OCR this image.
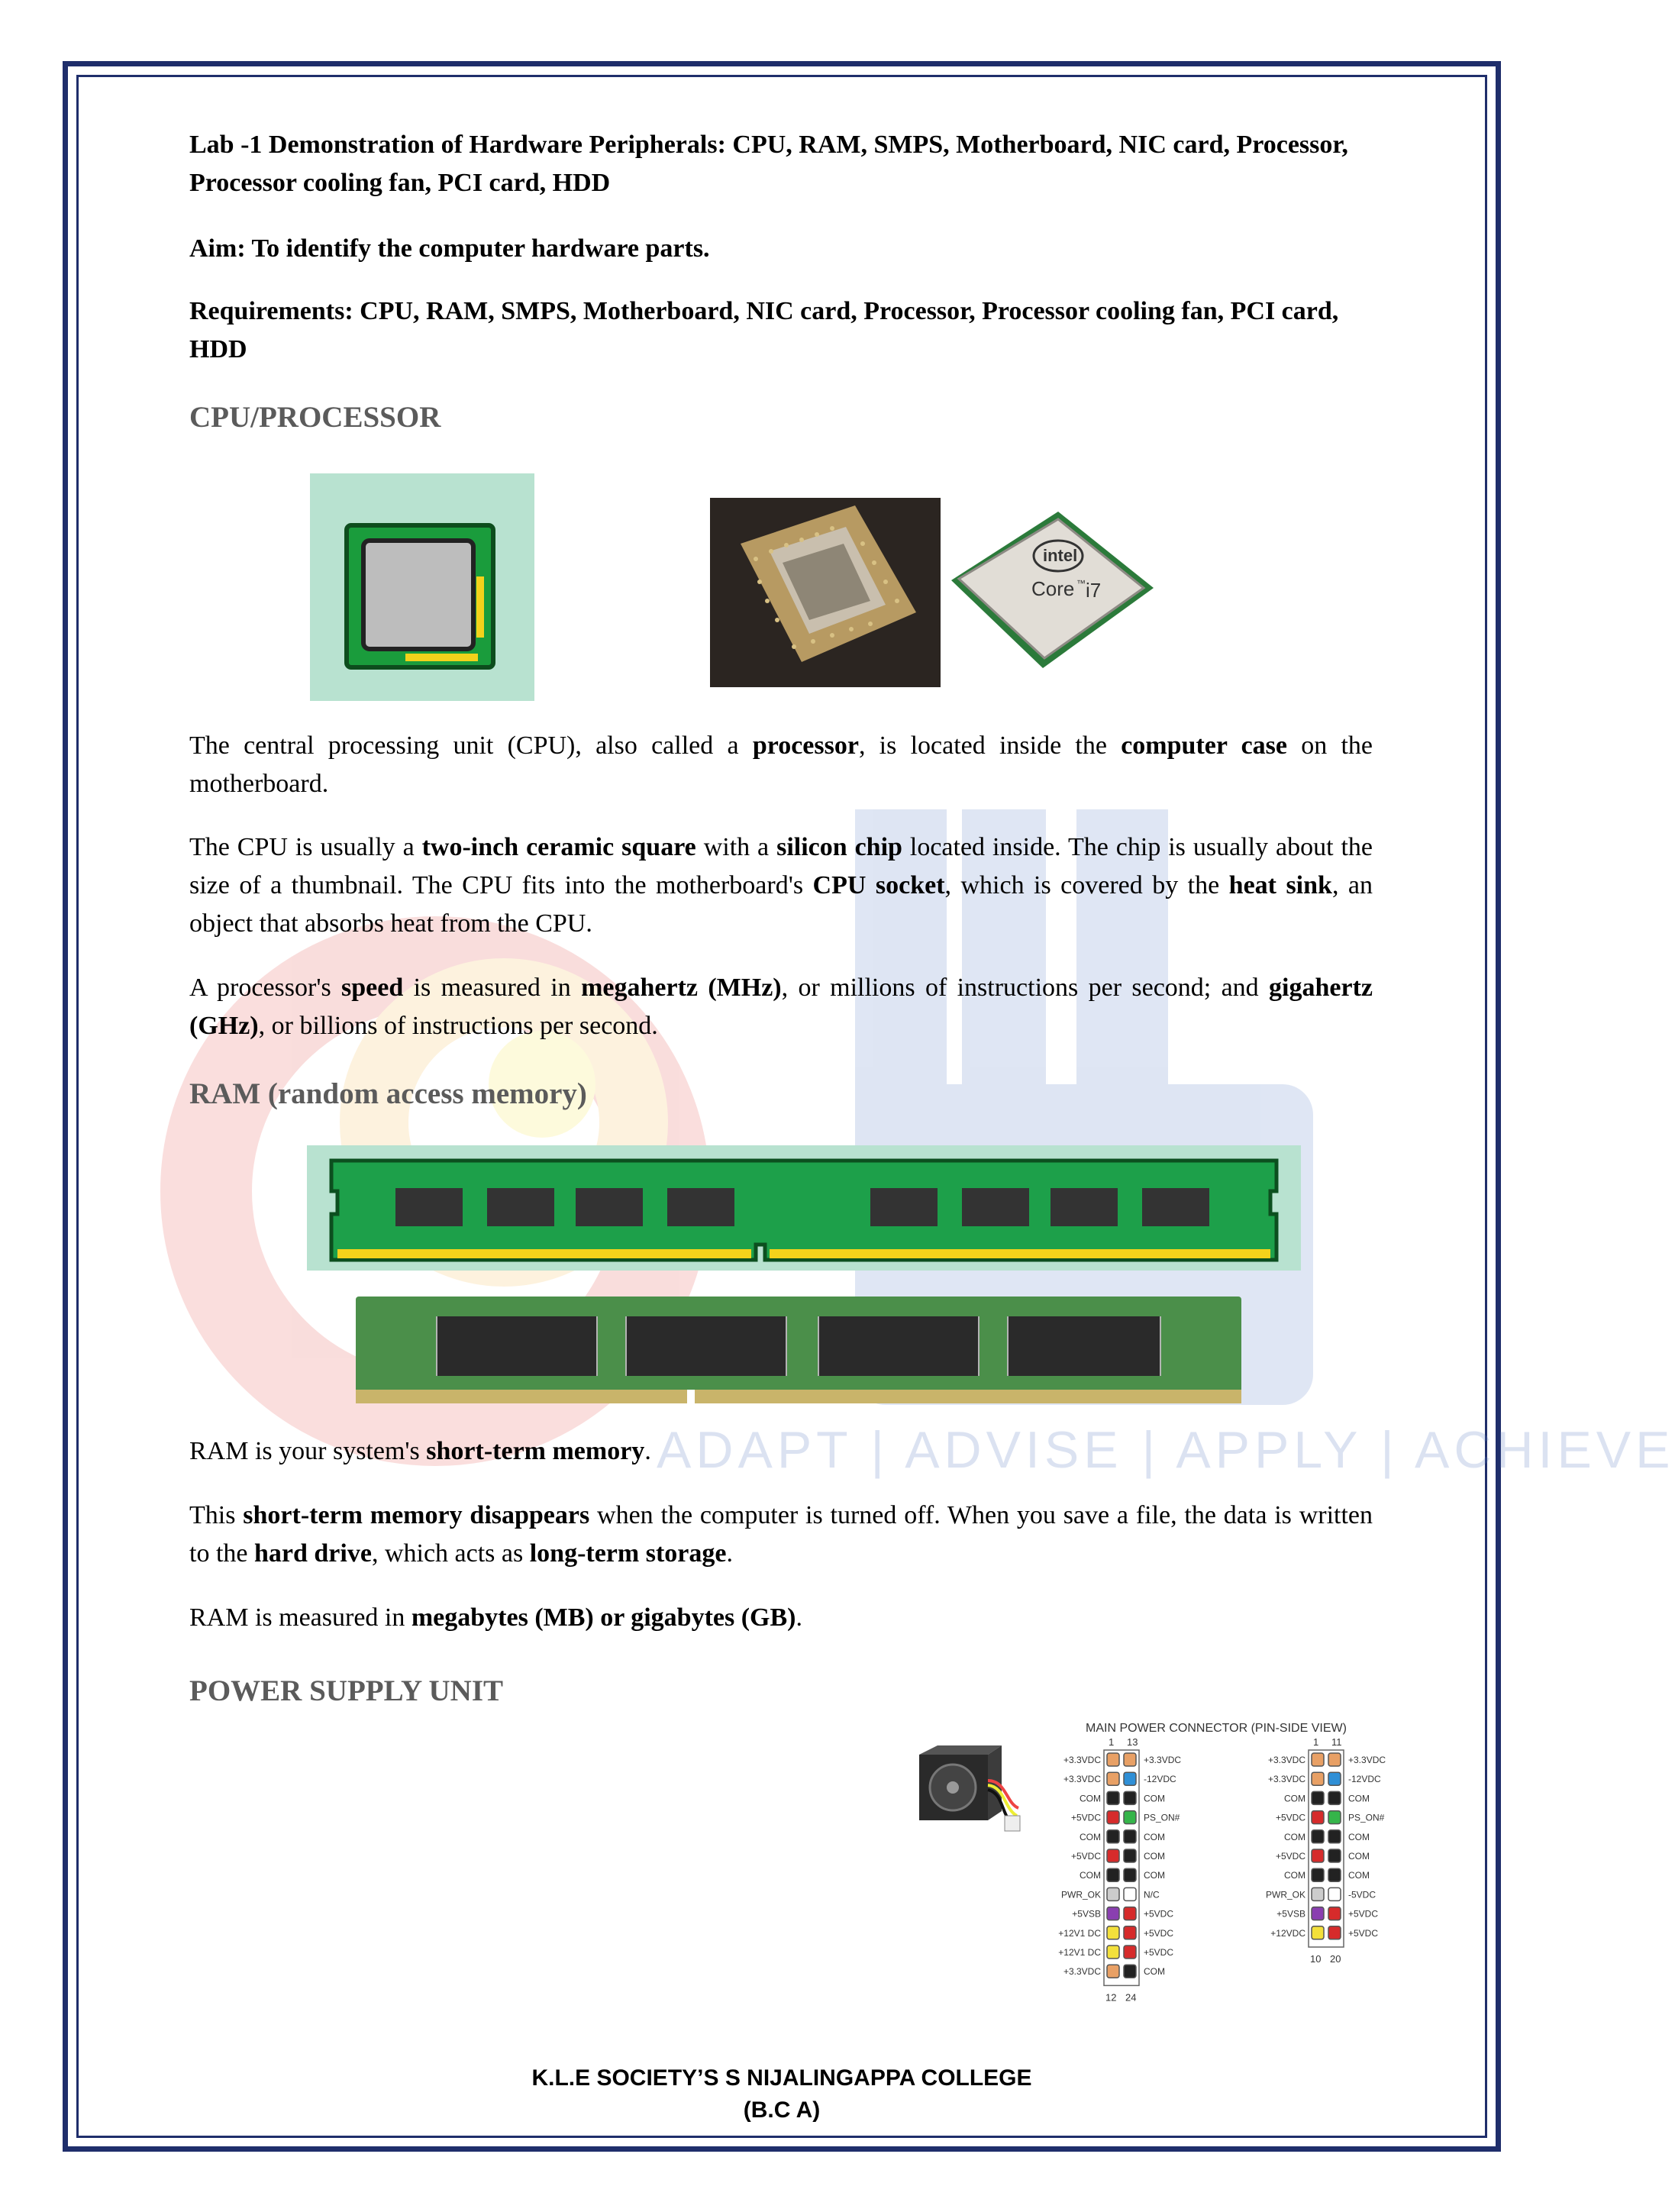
ADAPT | ADVISE | APPLY | ACHIEVE

Lab -1 Demonstration of Hardware Peripherals: CPU, RAM, SMPS, Motherboard, NIC card, Processor, Processor cooling fan, PCI card, HDD

Aim: To identify the computer hardware parts.

Requirements: CPU, RAM, SMPS, Motherboard, NIC card, Processor, Processor cooling fan, PCI card, HDD

CPU/PROCESSOR
intel
Core ™ i7

The central processing unit (CPU), also called a processor, is located inside the computer case on the motherboard.

The CPU is usually a two-inch ceramic square with a silicon chip located inside. The chip is usually about the size of a thumbnail. The CPU fits into the motherboard's CPU socket, which is covered by the heat sink, an object that absorbs heat from the CPU.

A processor's speed is measured in megahertz (MHz), or millions of instructions per second; and gigahertz (GHz), or billions of instructions per second.

RAM (random access memory)

RAM is your system's short-term memory.

This short-term memory disappears when the computer is turned off. When you save a file, the data is written to the hard drive, which acts as long-term storage.

RAM is measured in megabytes (MB) or gigabytes (GB).

POWER SUPPLY UNIT
MAIN POWER CONNECTOR (PIN-SIDE VIEW)
1 13
12 24
+3.3VDC	+3.3VDC
+3.3VDC	-12VDC
COM	COM
+5VDC	PS_ON#
COM	COM
+5VDC	COM
COM	COM
PWR_OK	N/C
+5VSB	+5VDC
+12V1 DC	+5VDC
+12V1 DC	+5VDC
+3.3VDC	COM
1 11
10 20
+3.3VDC	+3.3VDC
+3.3VDC	-12VDC
COM	COM
+5VDC	PS_ON#
COM	COM
+5VDC	COM
COM	COM
PWR_OK	-5VDC
+5VSB	+5VDC
+12VDC	+5VDC
K.L.E SOCIETY’S S NIJALINGAPPA COLLEGE
(B.C A)
